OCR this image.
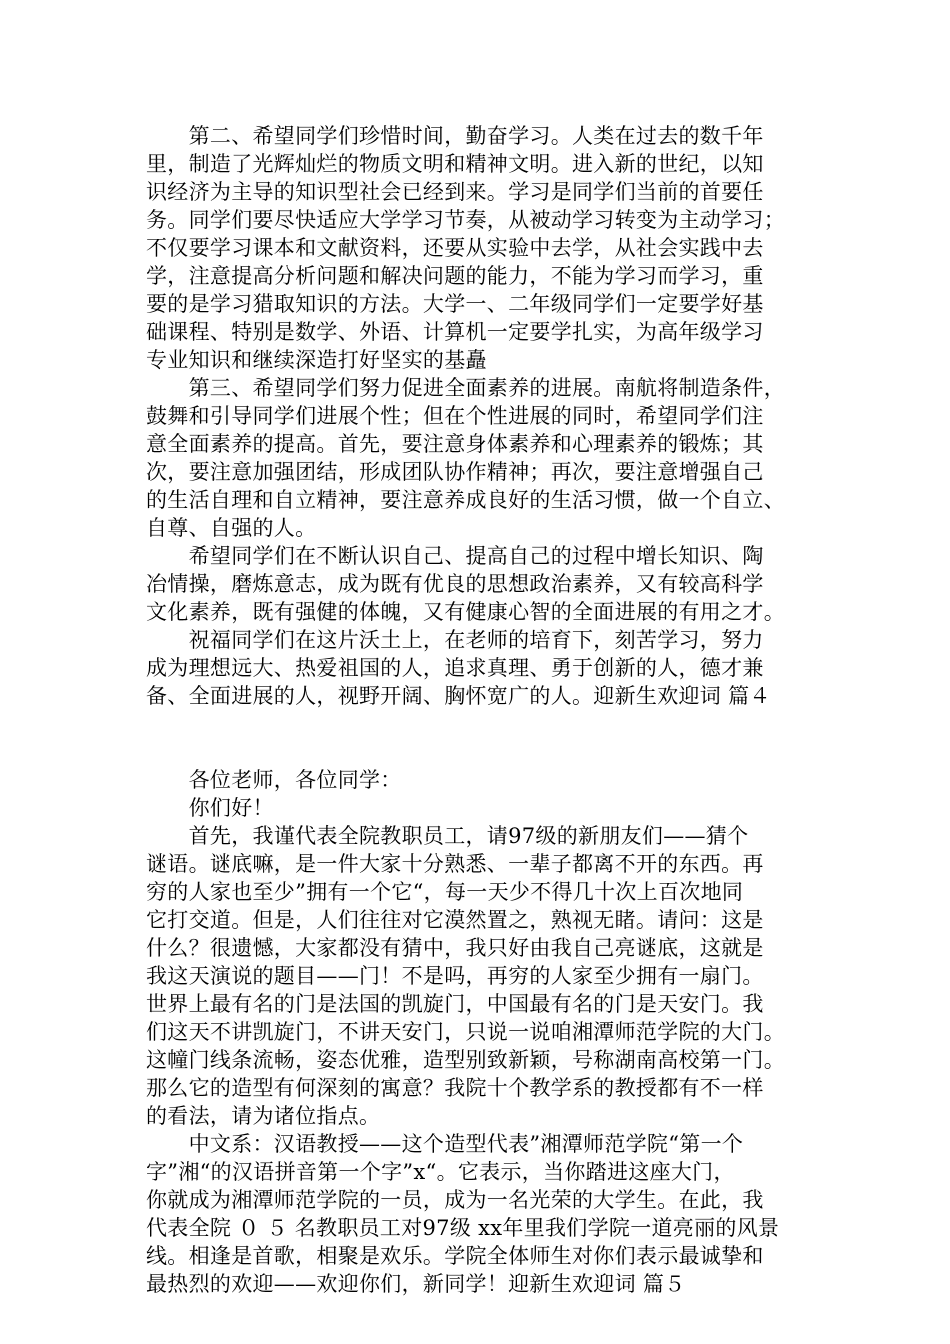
　　第二、希望同学们珍惜时间，勤奋学习。人类在过去的数千年
里，制造了光辉灿烂的物质文明和精神文明。进入新的世纪，以知
识经济为主导的知识型社会已经到来。学习是同学们当前的首要任
务。同学们要尽快适应大学学习节奏，从被动学习转变为主动学习；
不仅要学习课本和文献资料，还要从实验中去学，从社会实践中去
学，注意提高分析问题和解决问题的能力，不能为学习而学习，重
要的是学习猎取知识的方法。大学一、二年级同学们一定要学好基
础课程、特别是数学、外语、计算机一定要学扎实，为高年级学习
专业知识和继续深造打好坚实的基矗
　　第三、希望同学们努力促进全面素养的进展。南航将制造条件，
鼓舞和引导同学们进展个性；但在个性进展的同时，希望同学们注
意全面素养的提高。首先，要注意身体素养和心理素养的锻炼；其
次，要注意加强团结，形成团队协作精神；再次，要注意增强自己
的生活自理和自立精神，要注意养成良好的生活习惯，做一个自立、
自尊、自强的人。
　　希望同学们在不断认识自己、提高自己的过程中增长知识、陶
冶情操，磨炼意志，成为既有优良的思想政治素养，又有较高科学
文化素养，既有强健的体魄，又有健康心智的全面进展的有用之才。
　　祝福同学们在这片沃土上，在老师的培育下，刻苦学习，努力
成为理想远大、热爱祖国的人，追求真理、勇于创新的人，德才兼
备、全面进展的人，视野开阔、胸怀宽广的人。迎新生欢迎词 篇４
　　各位老师，各位同学：
　　你们好！
　　首先，我谨代表全院教职员工，请97级的新朋友们——猜个
谜语。谜底嘛，是一件大家十分熟悉、一辈子都离不开的东西。再
穷的人家也至少”拥有一个它“，每一天少不得几十次上百次地同
它打交道。但是，人们往往对它漠然置之，熟视无睹。请问：这是
什么？很遗憾，大家都没有猜中，我只好由我自己亮谜底，这就是
我这天演说的题目——门！不是吗，再穷的人家至少拥有一扇门。
世界上最有名的门是法国的凯旋门，中国最有名的门是天安门。我
们这天不讲凯旋门，不讲天安门，只说一说咱湘潭师范学院的大门。
这幢门线条流畅，姿态优雅，造型别致新颖，号称湖南高校第一门。
那么它的造型有何深刻的寓意？我院十个教学系的教授都有不一样
的看法，请为诸位指点。
　　中文系：汉语教授——这个造型代表”湘潭师范学院“第一个
字”湘“的汉语拼音第一个字”x“。它表示，当你踏进这座大门，
你就成为湘潭师范学院的一员，成为一名光荣的大学生。在此，我
代表全院 ０ ５ 名教职员工对97级 xx年里我们学院一道亮丽的风景
线。相逢是首歌，相聚是欢乐。学院全体师生对你们表示最诚挚和
最热烈的欢迎——欢迎你们，新同学！迎新生欢迎词 篇５
